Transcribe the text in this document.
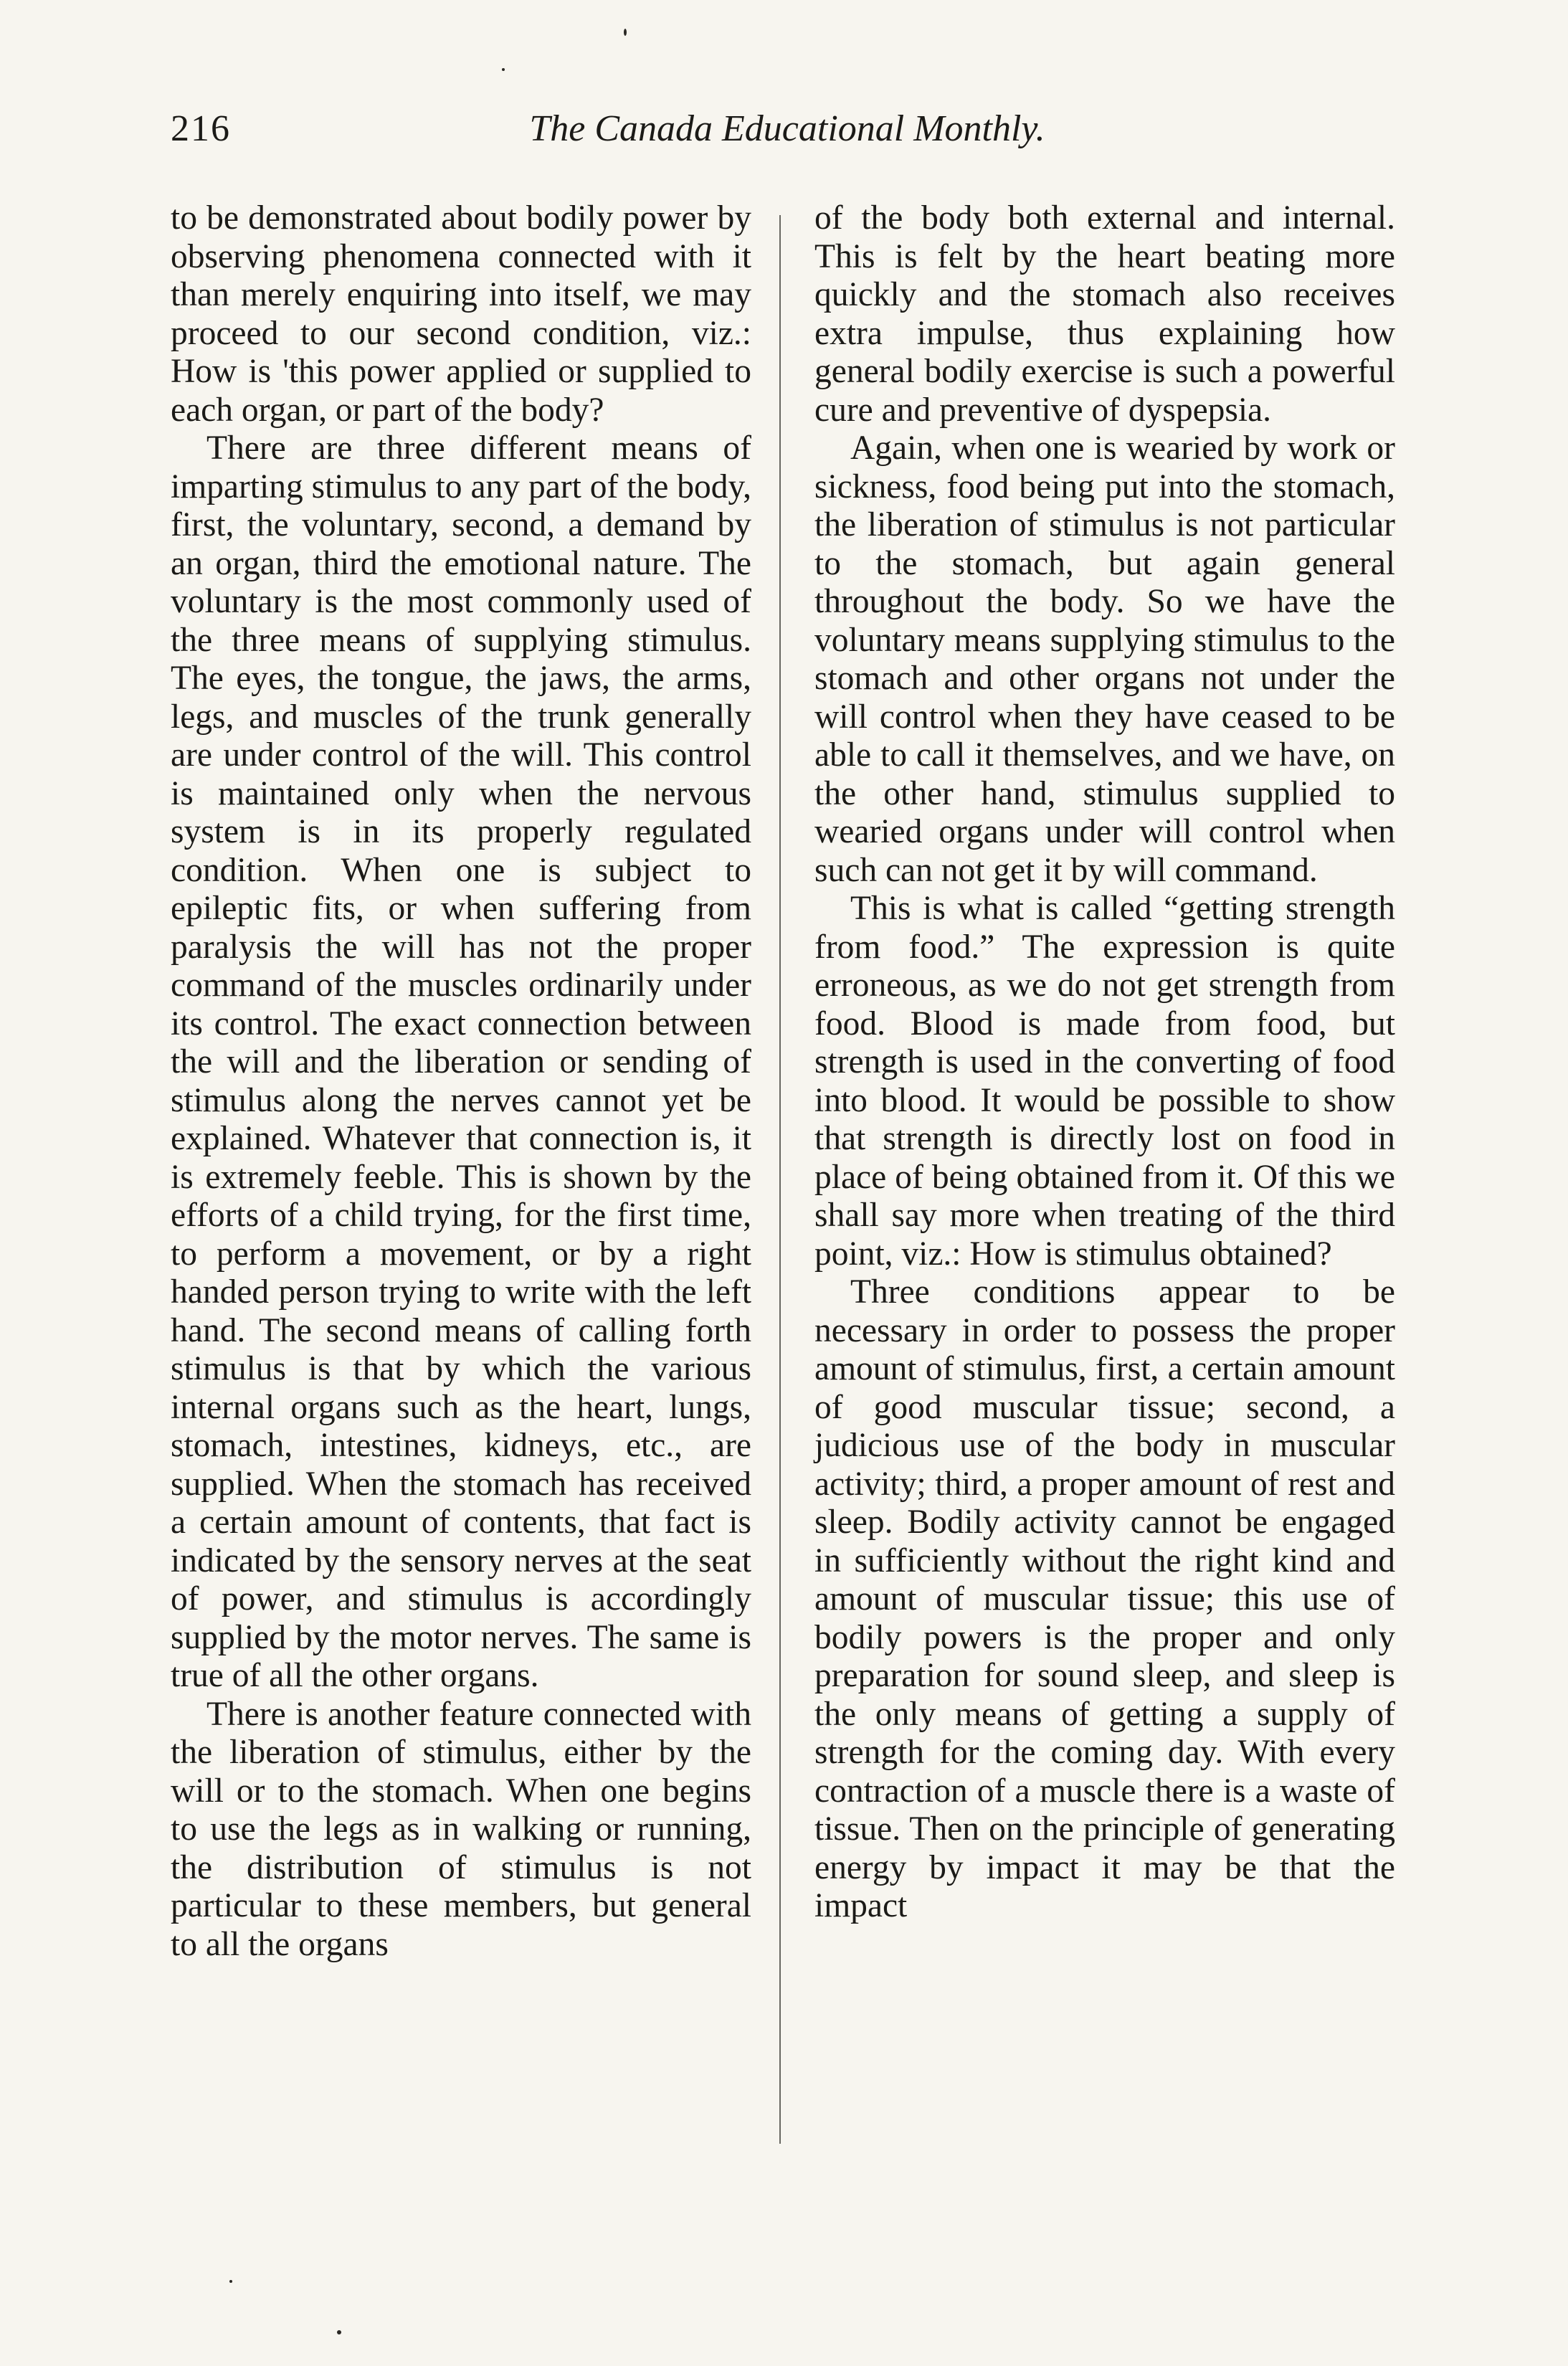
216	The Canada Educational Monthly.

to be demonstrated about bodily power by observing phenomena connected with it than merely enquiring into itself, we may proceed to our second condition, viz.: How is 'this power applied or supplied to each organ, or part of the body?

There are three different means of imparting stimulus to any part of the body, first, the voluntary, second, a demand by an organ, third the emotional nature. The voluntary is the most commonly used of the three means of supplying stimulus. The eyes, the tongue, the jaws, the arms, legs, and muscles of the trunk generally are under control of the will. This control is maintained only when the nervous system is in its properly regulated condition. When one is subject to epileptic fits, or when suffering from paralysis the will has not the proper command of the muscles ordinarily under its control. The exact connection between the will and the liberation or sending of stimulus along the nerves cannot yet be explained. Whatever that connection is, it is extremely feeble. This is shown by the efforts of a child trying, for the first time, to perform a movement, or by a right handed person trying to write with the left hand. The second means of calling forth stimulus is that by which the various internal organs such as the heart, lungs, stomach, intestines, kidneys, etc., are supplied. When the stomach has received a certain amount of contents, that fact is indicated by the sensory nerves at the seat of power, and stimulus is accordingly supplied by the motor nerves. The same is true of all the other organs.

There is another feature connected with the liberation of stimulus, either by the will or to the stomach. When one begins to use the legs as in walking or running, the distribution of stimulus is not particular to these members, but general to all the organs

of the body both external and internal. This is felt by the heart beating more quickly and the stomach also receives extra impulse, thus explaining how general bodily exercise is such a powerful cure and preventive of dyspepsia.

Again, when one is wearied by work or sickness, food being put into the stomach, the liberation of stimulus is not particular to the stomach, but again general throughout the body. So we have the voluntary means supplying stimulus to the stomach and other organs not under the will control when they have ceased to be able to call it themselves, and we have, on the other hand, stimulus supplied to wearied organs under will control when such can not get it by will command.

This is what is called “getting strength from food.” The expression is quite erroneous, as we do not get strength from food. Blood is made from food, but strength is used in the converting of food into blood. It would be possible to show that strength is directly lost on food in place of being obtained from it. Of this we shall say more when treating of the third point, viz.: How is stimulus obtained?

Three conditions appear to be necessary in order to possess the proper amount of stimulus, first, a certain amount of good muscular tissue; second, a judicious use of the body in muscular activity; third, a proper amount of rest and sleep. Bodily activity cannot be engaged in sufficiently without the right kind and amount of muscular tissue; this use of bodily powers is the proper and only preparation for sound sleep, and sleep is the only means of getting a supply of strength for the coming day. With every contraction of a muscle there is a waste of tissue. Then on the principle of generating energy by impact it may be that the impact
